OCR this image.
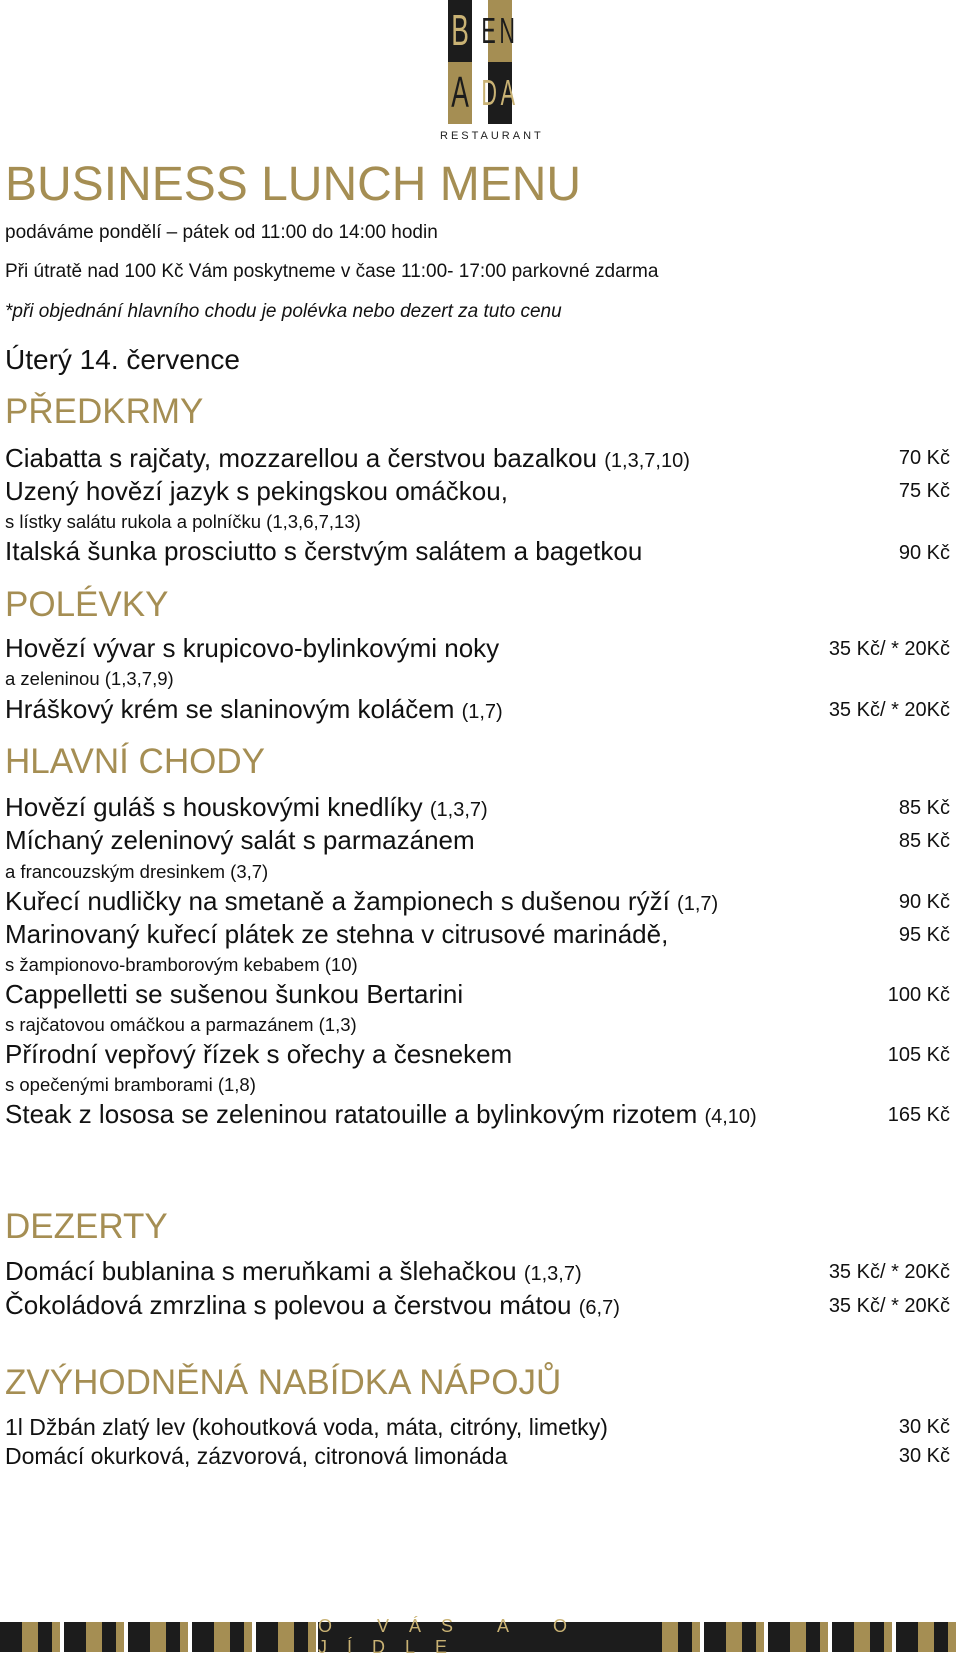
B EN
A DA
RESTAURANT
BUSINESS LUNCH MENU
podáváme pondělí – pátek od 11:00 do 14:00 hodin
Při útratě nad 100 Kč Vám poskytneme v čase 11:00- 17:00 parkovné zdarma
*při objednání hlavního chodu je polévka nebo dezert za tuto cenu
Úterý 14. července
PŘEDKRMY
Ciabatta s rajčaty, mozzarellou a čerstvou bazalkou (1,3,7,10)	70 Kč
Uzený hovězí jazyk s pekingskou omáčkou,	75 Kč
s lístky salátu rukola a polníčku (1,3,6,7,13)
Italská šunka prosciutto s čerstvým salátem a bagetkou	90 Kč
POLÉVKY
Hovězí vývar s krupicovo-bylinkovými noky	35 Kč/ * 20Kč
a zeleninou (1,3,7,9)
Hráškový krém se slaninovým koláčem (1,7)	35 Kč/ * 20Kč
HLAVNÍ CHODY
Hovězí guláš s houskovými knedlíky (1,3,7)	85 Kč
Míchaný zeleninový salát s parmazánem	85 Kč
a francouzským dresinkem (3,7)
Kuřecí nudličky na smetaně a žampionech s dušenou rýží (1,7)	90 Kč
Marinovaný kuřecí plátek ze stehna v citrusové marinádě,	95 Kč
s žampionovo-bramborovým kebabem (10)
Cappelletti se sušenou šunkou Bertarini	100 Kč
s rajčatovou omáčkou a parmazánem (1,3)
Přírodní vepřový řízek s ořechy a česnekem	105 Kč
s opečenými bramborami (1,8)
Steak z lososa se zeleninou ratatouille a bylinkovým rizotem (4,10)	165 Kč
DEZERTY
Domácí bublanina s meruňkami a šlehačkou (1,3,7)	35 Kč/ * 20Kč
Čokoládová zmrzlina s polevou a čerstvou mátou (6,7)	35 Kč/ * 20Kč
ZVÝHODNĚNÁ NABÍDKA NÁPOJŮ
1l Džbán zlatý lev (kohoutková voda, máta, citróny, limetky)	30 Kč
Domácí okurková, zázvorová, citronová limonáda	30 Kč
O VÁS A O JÍDLE
